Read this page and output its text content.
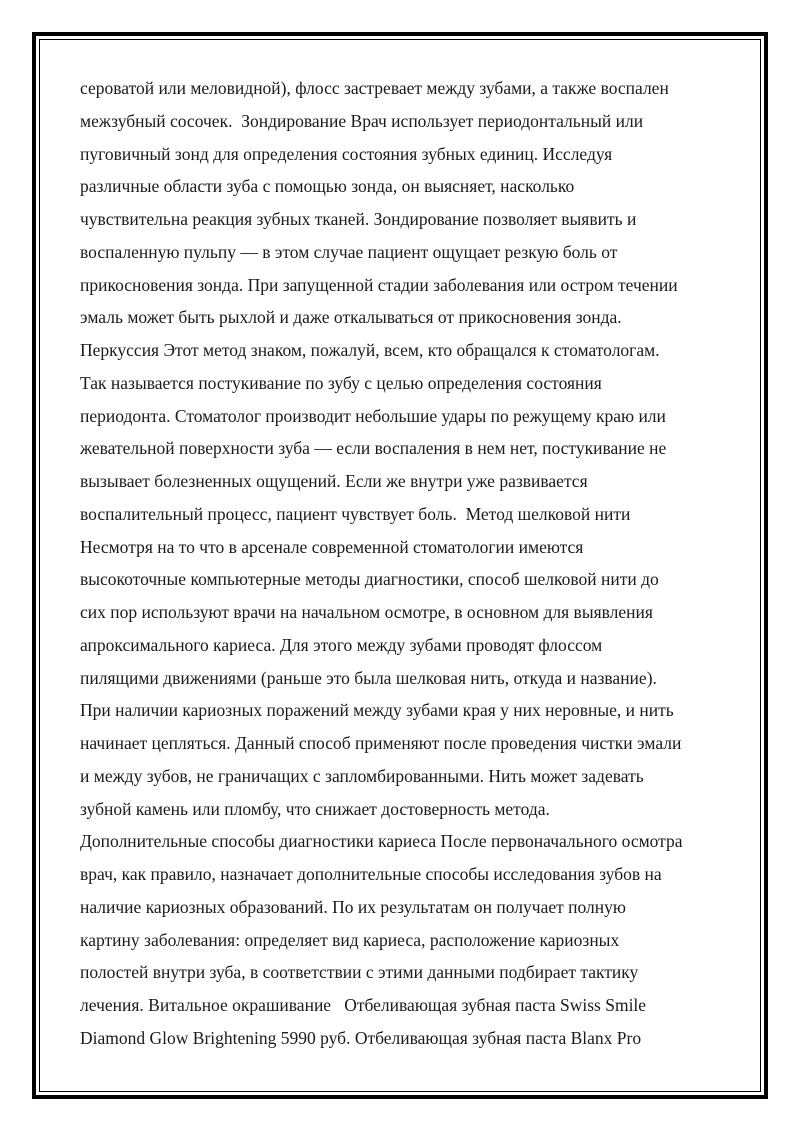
сероватой или меловидной), флосс застревает между зубами, а также воспален
межзубный сосочек.  Зондирование Врач использует периодонтальный или
пуговичный зонд для определения состояния зубных единиц. Исследуя
различные области зуба с помощью зонда, он выясняет, насколько
чувствительна реакция зубных тканей. Зондирование позволяет выявить и
воспаленную пульпу — в этом случае пациент ощущает резкую боль от
прикосновения зонда. При запущенной стадии заболевания или остром течении
эмаль может быть рыхлой и даже откалываться от прикосновения зонда.
Перкуссия Этот метод знаком, пожалуй, всем, кто обращался к стоматологам.
Так называется постукивание по зубу с целью определения состояния
периодонта. Стоматолог производит небольшие удары по режущему краю или
жевательной поверхности зуба — если воспаления в нем нет, постукивание не
вызывает болезненных ощущений. Если же внутри уже развивается
воспалительный процесс, пациент чувствует боль.  Метод шелковой нити
Несмотря на то что в арсенале современной стоматологии имеются
высокоточные компьютерные методы диагностики, способ шелковой нити до
сих пор используют врачи на начальном осмотре, в основном для выявления
апроксимального кариеса. Для этого между зубами проводят флоссом
пилящими движениями (раньше это была шелковая нить, откуда и название).
При наличии кариозных поражений между зубами края у них неровные, и нить
начинает цепляться. Данный способ применяют после проведения чистки эмали
и между зубов, не граничащих с запломбированными. Нить может задевать
зубной камень или пломбу, что снижает достоверность метода.
Дополнительные способы диагностики кариеса После первоначального осмотра
врач, как правило, назначает дополнительные способы исследования зубов на
наличие кариозных образований. По их результатам он получает полную
картину заболевания: определяет вид кариеса, расположение кариозных
полостей внутри зуба, в соответствии с этими данными подбирает тактику
лечения. Витальное окрашивание   Отбеливающая зубная паста Swiss Smile
Diamond Glow Brightening 5990 руб. Отбеливающая зубная паста Blanx Pro
